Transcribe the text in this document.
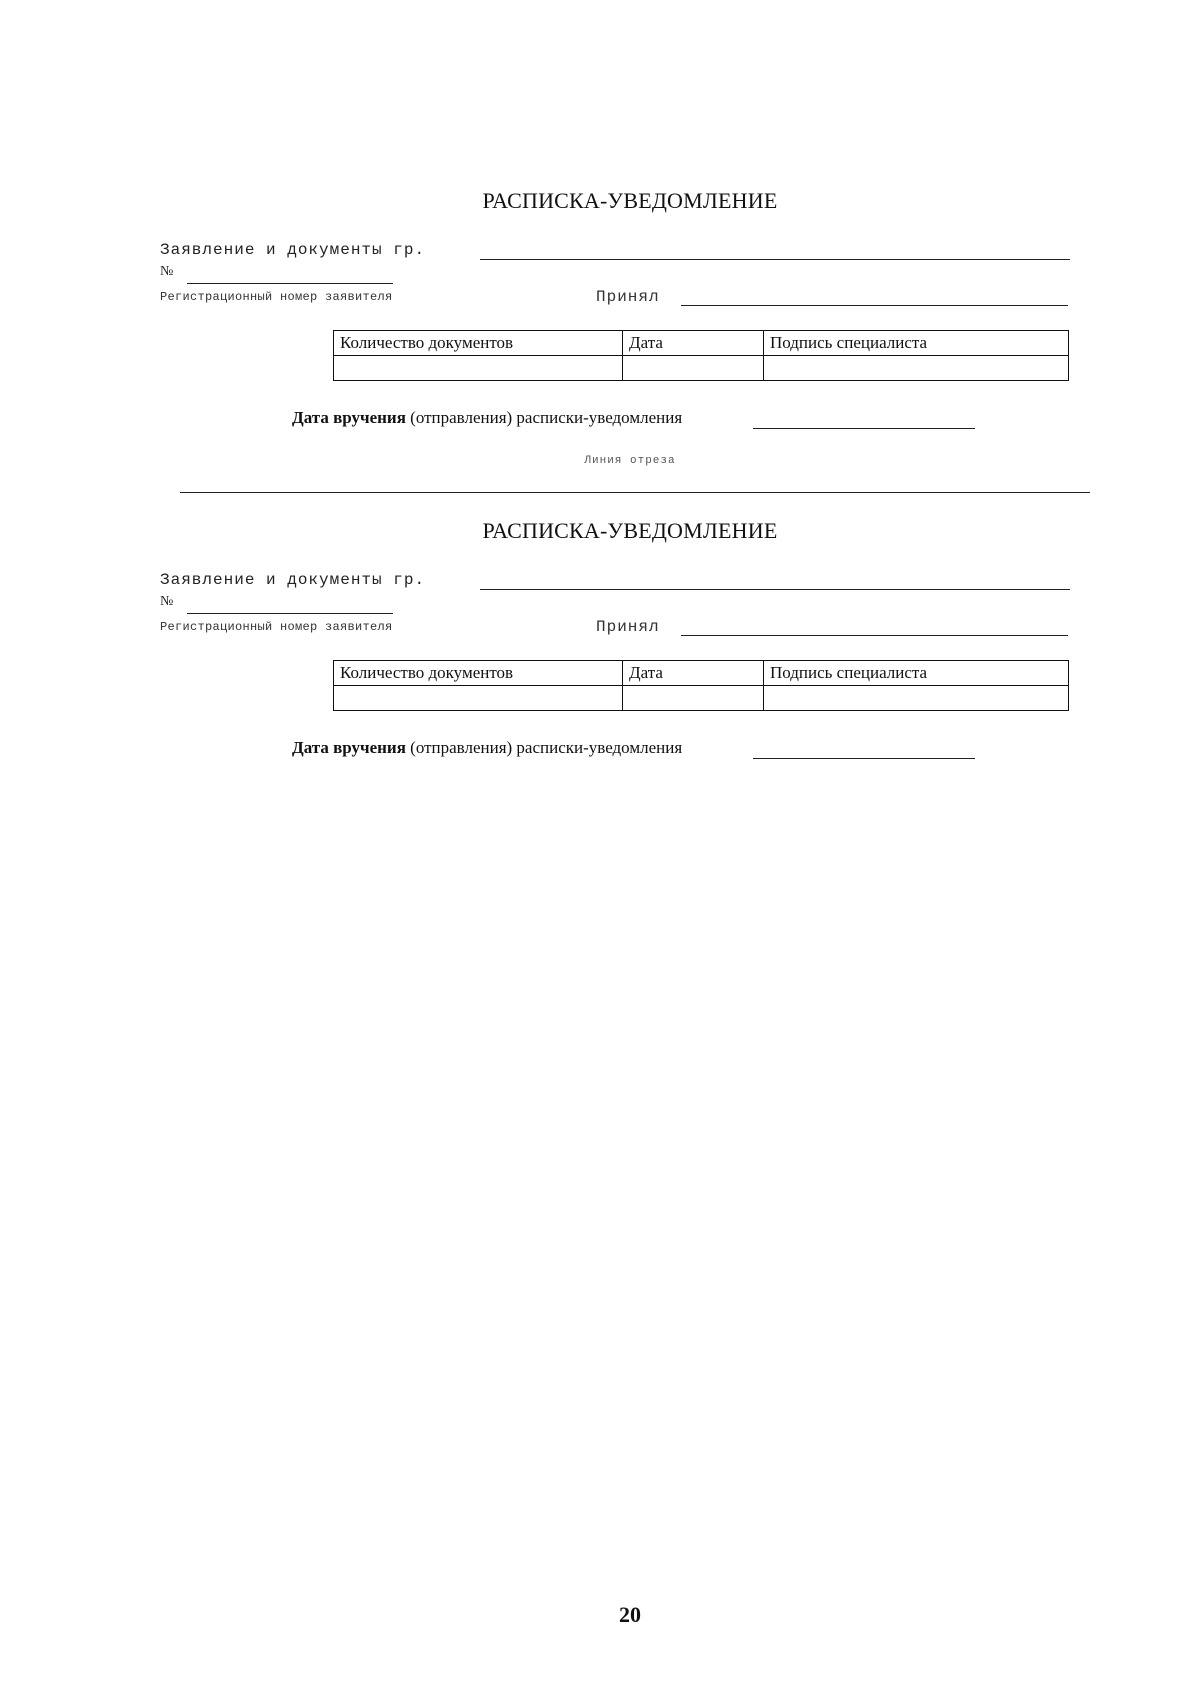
РАСПИСКА-УВЕДОМЛЕНИЕ
Заявление и документы гр.
№
Регистрационный номер заявителя	Принял
Количество документов	Дата	Подпись специалиста

Дата вручения (отправления) расписки-уведомления
Линия отреза
РАСПИСКА-УВЕДОМЛЕНИЕ
Заявление и документы гр.
№
Регистрационный номер заявителя	Принял
Количество документов	Дата	Подпись специалиста

Дата вручения (отправления) расписки-уведомления
20
